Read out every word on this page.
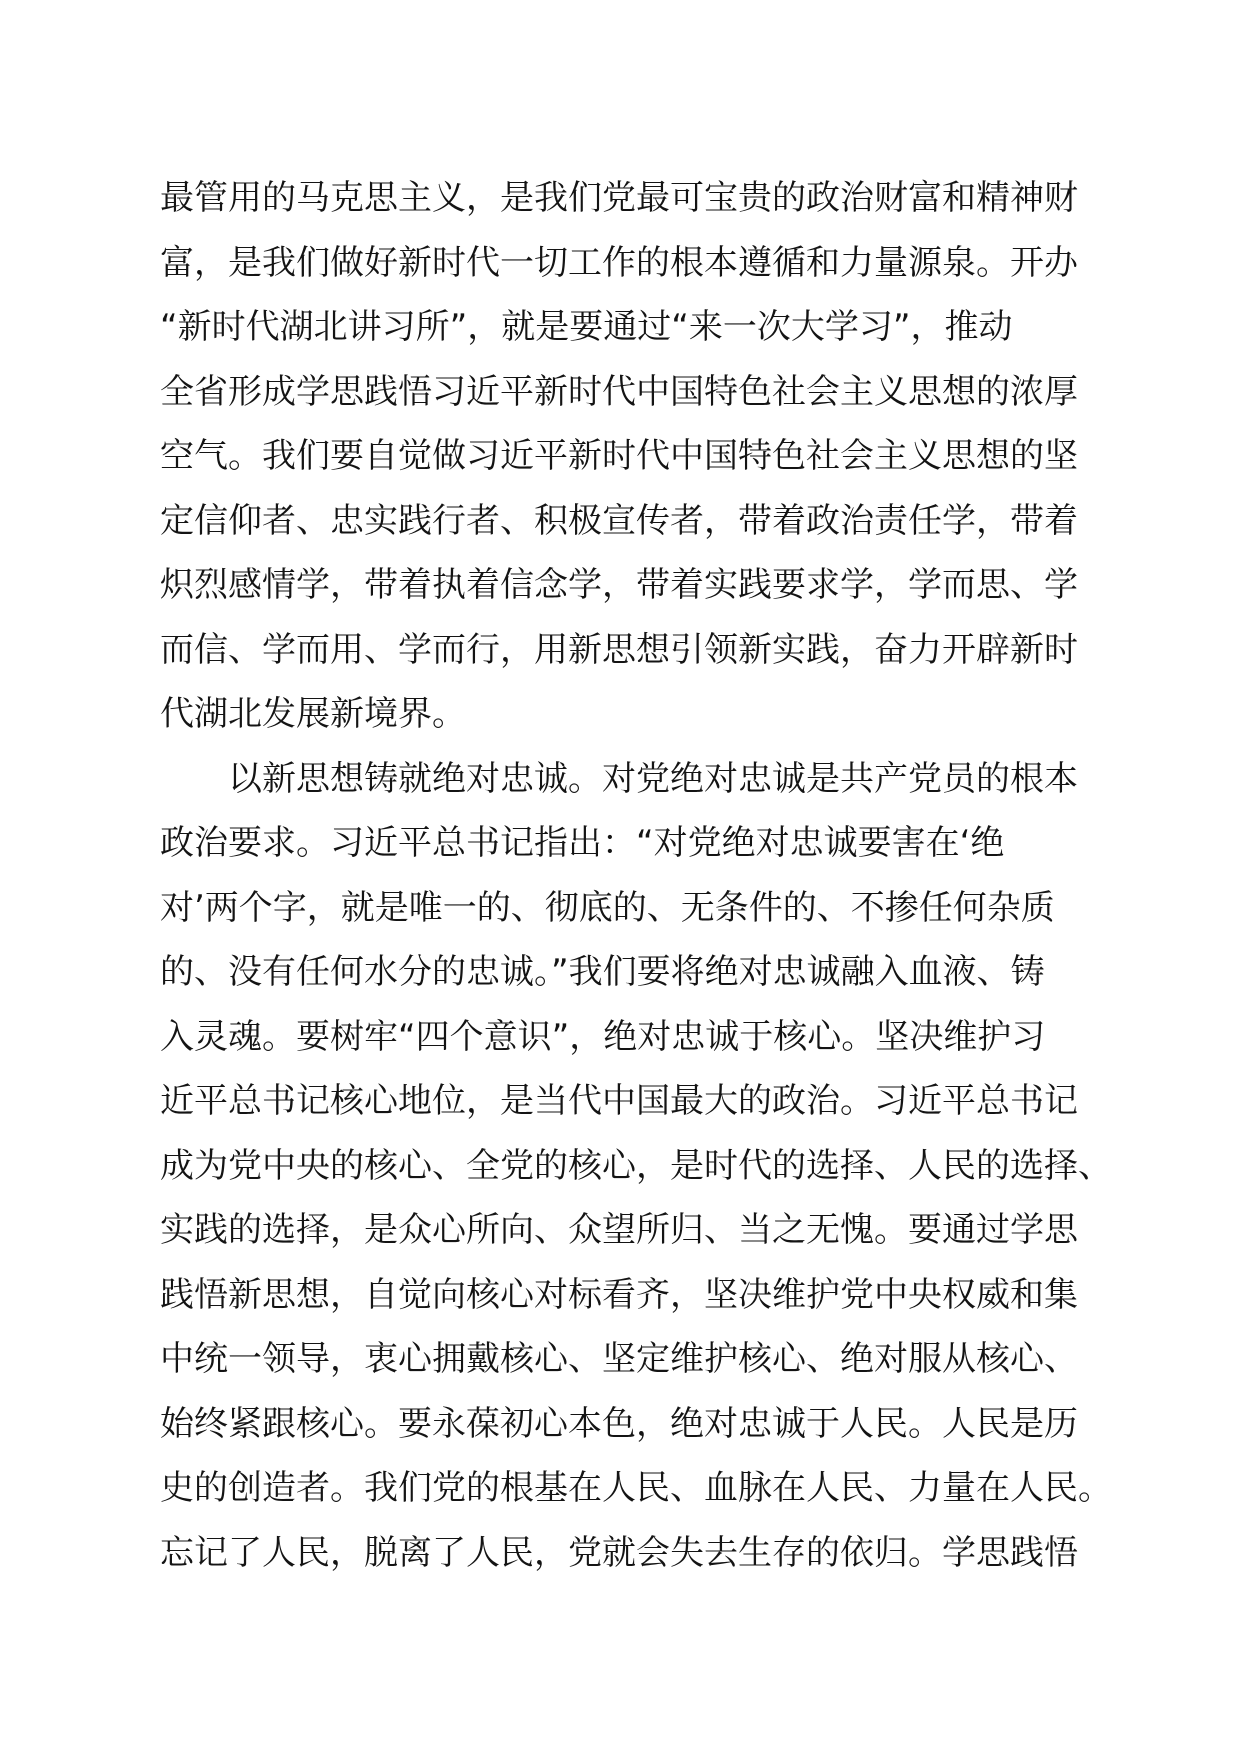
最管用的马克思主义，是我们党最可宝贵的政治财富和精神财
富，是我们做好新时代一切工作的根本遵循和力量源泉。开办
“新时代湖北讲习所”，就是要通过“来一次大学习”，推动
全省形成学思践悟习近平新时代中国特色社会主义思想的浓厚
空气。我们要自觉做习近平新时代中国特色社会主义思想的坚
定信仰者、忠实践行者、积极宣传者，带着政治责任学，带着
炽烈感情学，带着执着信念学，带着实践要求学，学而思、学
而信、学而用、学而行，用新思想引领新实践，奋力开辟新时
代湖北发展新境界。
以新思想铸就绝对忠诚。对党绝对忠诚是共产党员的根本
政治要求。习近平总书记指出：“对党绝对忠诚要害在‘绝
对’两个字，就是唯一的、彻底的、无条件的、不掺任何杂质
的、没有任何水分的忠诚。”我们要将绝对忠诚融入血液、铸
入灵魂。要树牢“四个意识”，绝对忠诚于核心。坚决维护习
近平总书记核心地位，是当代中国最大的政治。习近平总书记
成为党中央的核心、全党的核心，是时代的选择、人民的选择、
实践的选择，是众心所向、众望所归、当之无愧。要通过学思
践悟新思想，自觉向核心对标看齐，坚决维护党中央权威和集
中统一领导，衷心拥戴核心、坚定维护核心、绝对服从核心、
始终紧跟核心。要永葆初心本色，绝对忠诚于人民。人民是历
史的创造者。我们党的根基在人民、血脉在人民、力量在人民。
忘记了人民，脱离了人民，党就会失去生存的依归。学思践悟
